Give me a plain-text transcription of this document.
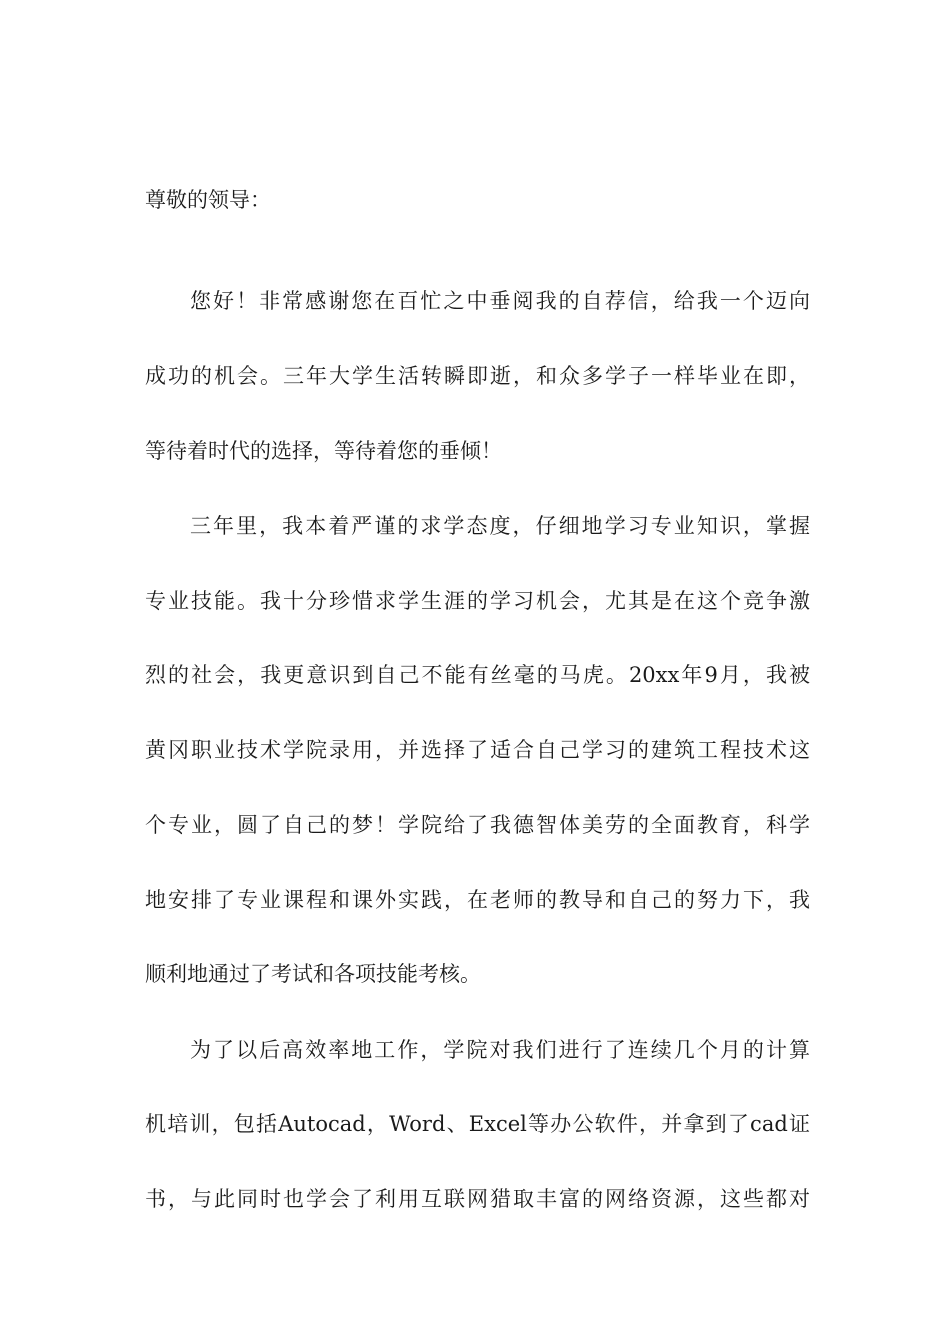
尊敬的领导：
您好！非常感谢您在百忙之中垂阅我的自荐信，给我一个迈向
成功的机会。三年大学生活转瞬即逝，和众多学子一样毕业在即，
等待着时代的选择，等待着您的垂倾！
三年里，我本着严谨的求学态度，仔细地学习专业知识，掌握
专业技能。我十分珍惜求学生涯的学习机会，尤其是在这个竞争激
烈的社会，我更意识到自己不能有丝毫的马虎。20xx年9月，我被
黄冈职业技术学院录用，并选择了适合自己学习的建筑工程技术这
个专业，圆了自己的梦！学院给了我德智体美劳的全面教育，科学
地安排了专业课程和课外实践，在老师的教导和自己的努力下，我
顺利地通过了考试和各项技能考核。
为了以后高效率地工作，学院对我们进行了连续几个月的计算
机培训，包括Autocad，Word、Excel等办公软件，并拿到了cad证
书，与此同时也学会了利用互联网猎取丰富的网络资源，这些都对
